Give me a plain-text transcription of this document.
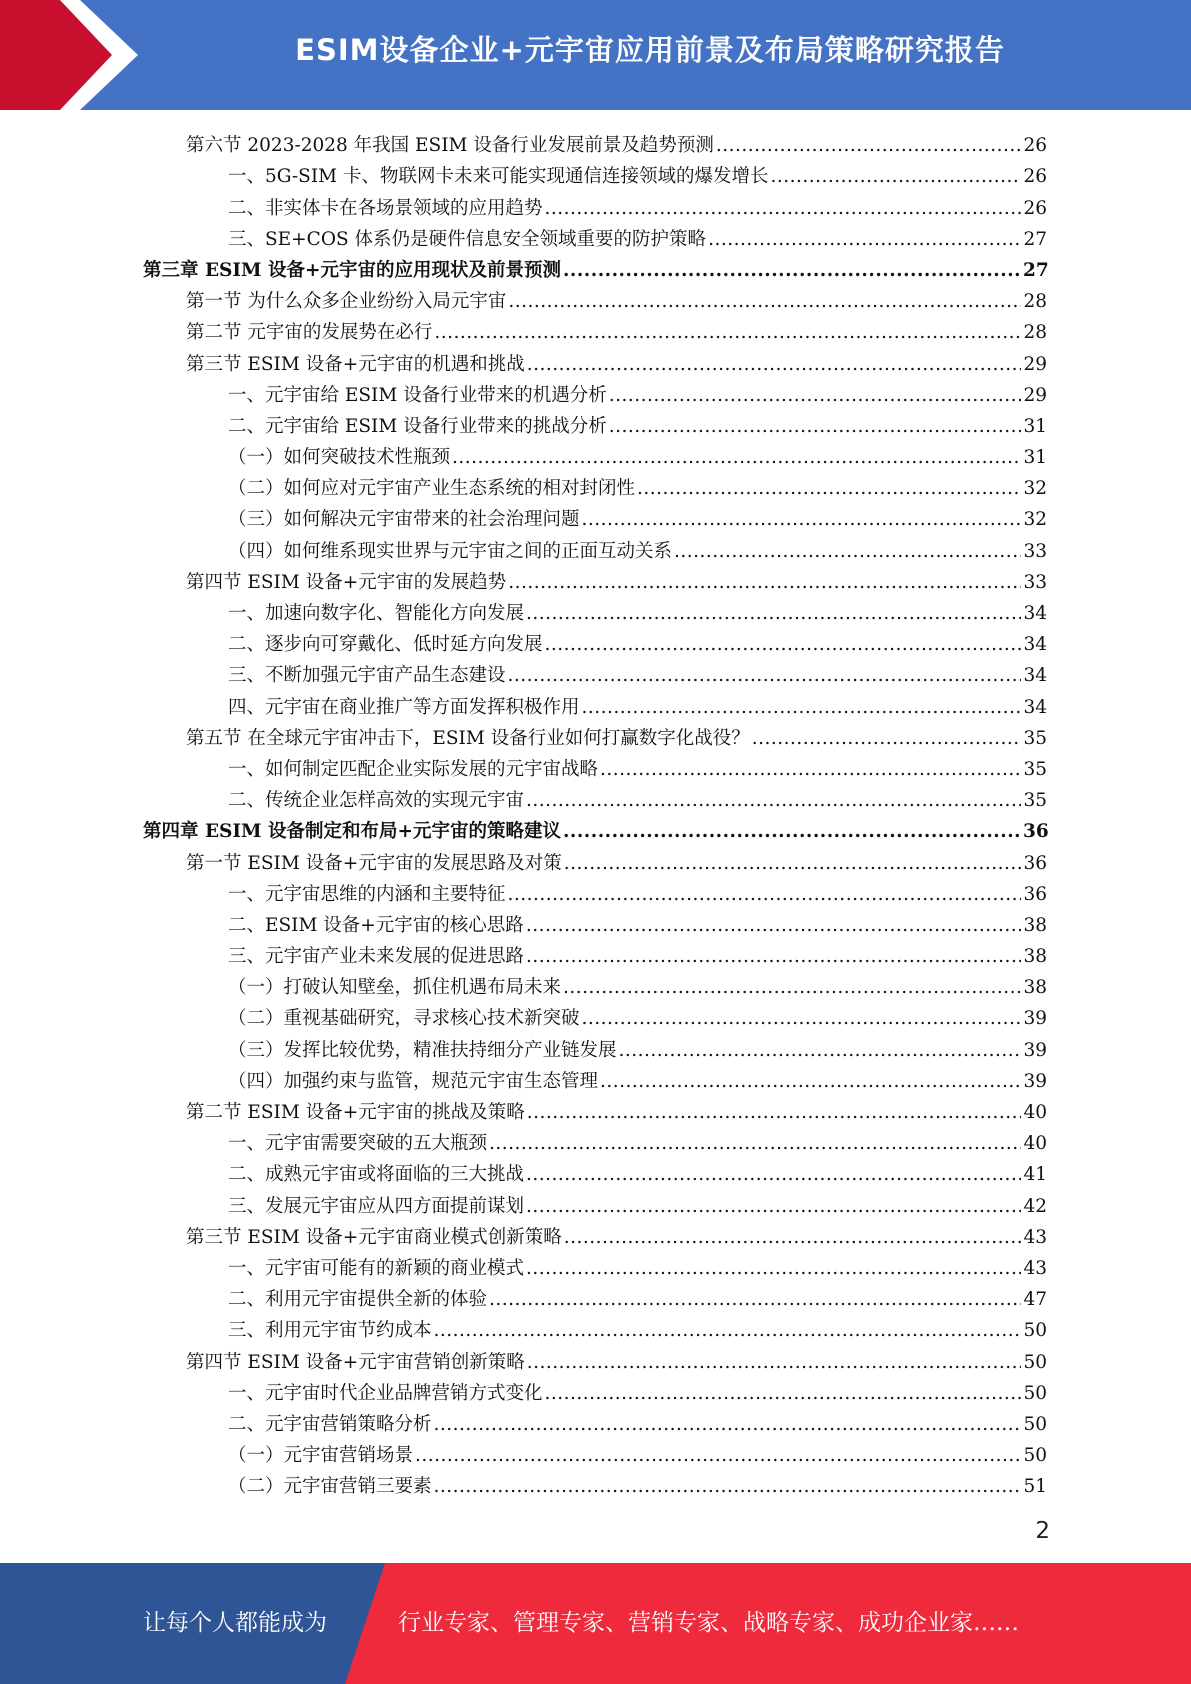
ESIM设备企业+元宇宙应用前景及布局策略研究报告
第六节 2023-2028 年我国 ESIM 设备行业发展前景及趋势预测 .....	26
一、5G-SIM 卡、物联网卡未来可能实现通信连接领域的爆发增长 .....	26
二、非实体卡在各场景领域的应用趋势 .....	26
三、SE+COS 体系仍是硬件信息安全领域重要的防护策略 .....	27
第三章 ESIM 设备+元宇宙的应用现状及前景预测 .....	27
第一节 为什么众多企业纷纷入局元宇宙 .....	28
第二节 元宇宙的发展势在必行 .....	28
第三节 ESIM 设备+元宇宙的机遇和挑战 .....	29
一、元宇宙给 ESIM 设备行业带来的机遇分析 .....	29
二、元宇宙给 ESIM 设备行业带来的挑战分析 .....	31
（一）如何突破技术性瓶颈 .....	31
（二）如何应对元宇宙产业生态系统的相对封闭性 .....	32
（三）如何解决元宇宙带来的社会治理问题 .....	32
（四）如何维系现实世界与元宇宙之间的正面互动关系 .....	33
第四节 ESIM 设备+元宇宙的发展趋势 .....	33
一、加速向数字化、智能化方向发展 .....	34
二、逐步向可穿戴化、低时延方向发展 .....	34
三、不断加强元宇宙产品生态建设 .....	34
四、元宇宙在商业推广等方面发挥积极作用 .....	34
第五节 在全球元宇宙冲击下，ESIM 设备行业如何打赢数字化战役？ .....	35
一、如何制定匹配企业实际发展的元宇宙战略 .....	35
二、传统企业怎样高效的实现元宇宙 .....	35
第四章 ESIM 设备制定和布局+元宇宙的策略建议 .....	36
第一节 ESIM 设备+元宇宙的发展思路及对策 .....	36
一、元宇宙思维的内涵和主要特征 .....	36
二、ESIM 设备+元宇宙的核心思路 .....	38
三、元宇宙产业未来发展的促进思路 .....	38
（一）打破认知壁垒，抓住机遇布局未来 .....	38
（二）重视基础研究，寻求核心技术新突破 .....	39
（三）发挥比较优势，精准扶持细分产业链发展 .....	39
（四）加强约束与监管，规范元宇宙生态管理 .....	39
第二节 ESIM 设备+元宇宙的挑战及策略 .....	40
一、元宇宙需要突破的五大瓶颈 .....	40
二、成熟元宇宙或将面临的三大挑战 .....	41
三、发展元宇宙应从四方面提前谋划 .....	42
第三节 ESIM 设备+元宇宙商业模式创新策略 .....	43
一、元宇宙可能有的新颖的商业模式 .....	43
二、利用元宇宙提供全新的体验 .....	47
三、利用元宇宙节约成本 .....	50
第四节 ESIM 设备+元宇宙营销创新策略 .....	50
一、元宇宙时代企业品牌营销方式变化 .....	50
二、元宇宙营销策略分析 .....	50
（一）元宇宙营销场景 .....	50
（二）元宇宙营销三要素 .....	51
2
让每个人都能成为	行业专家、管理专家、营销专家、战略专家、成功企业家……
